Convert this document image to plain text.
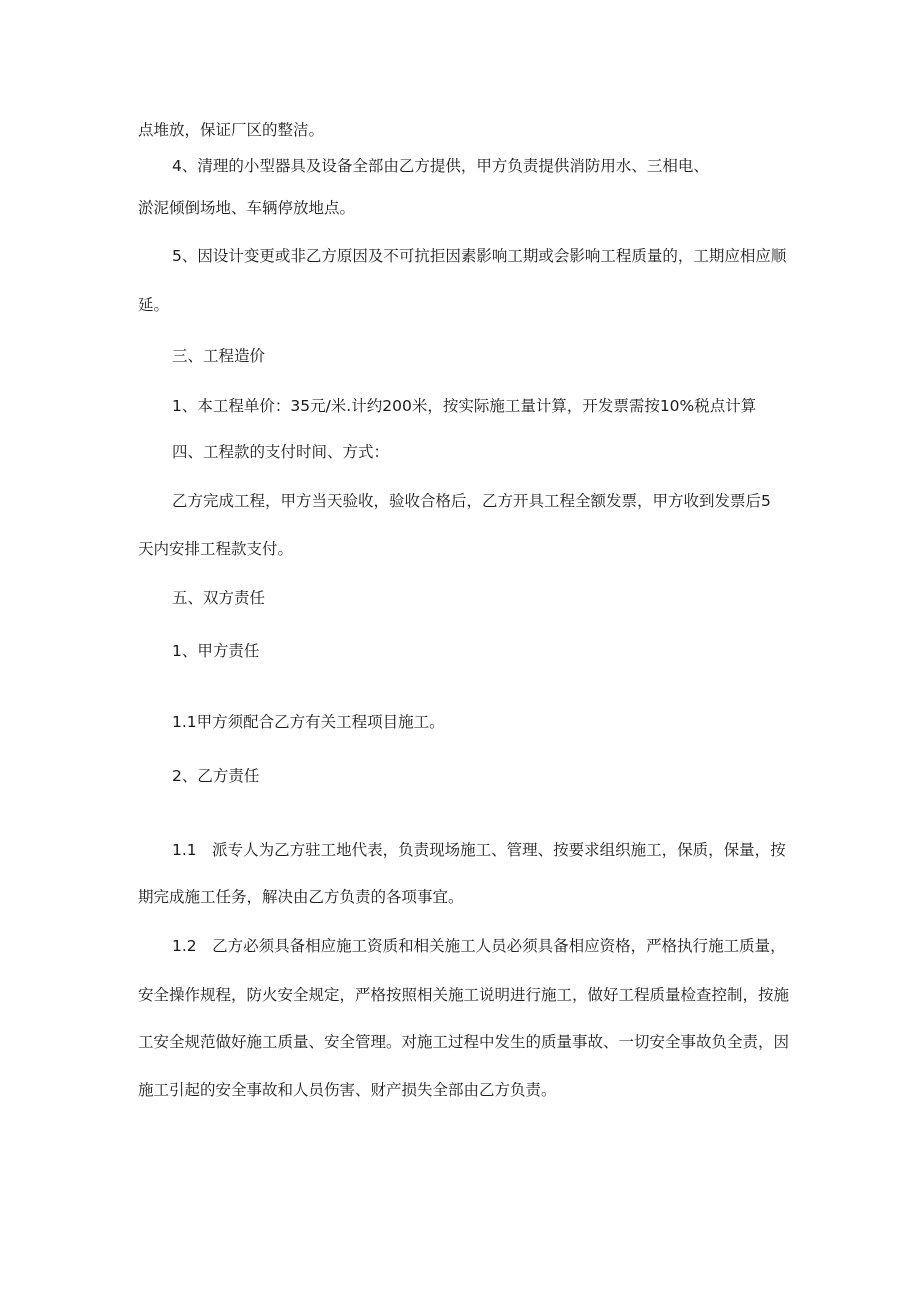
点堆放，保证厂区的整洁。

4、清理的小型器具及设备全部由乙方提供，甲方负责提供消防用水、三相电、

淤泥倾倒场地、车辆停放地点。

5、因设计变更或非乙方原因及不可抗拒因素影响工期或会影响工程质量的，工期应相应顺

延。

三、工程造价

1、本工程单价：35元/米.计约200米，按实际施工量计算，开发票需按10%税点计算

四、工程款的支付时间、方式：

乙方完成工程，甲方当天验收，验收合格后，乙方开具工程全额发票，甲方收到发票后5

天内安排工程款支付。

五、双方责任

1、甲方责任

1.1甲方须配合乙方有关工程项目施工。

2、乙方责任

1.1　派专人为乙方驻工地代表，负责现场施工、管理、按要求组织施工，保质，保量，按

期完成施工任务，解决由乙方负责的各项事宜。

1.2　乙方必须具备相应施工资质和相关施工人员必须具备相应资格，严格执行施工质量，

安全操作规程，防火安全规定，严格按照相关施工说明进行施工，做好工程质量检查控制，按施

工安全规范做好施工质量、安全管理。对施工过程中发生的质量事故、一切安全事故负全责，因

施工引起的安全事故和人员伤害、财产损失全部由乙方负责。
